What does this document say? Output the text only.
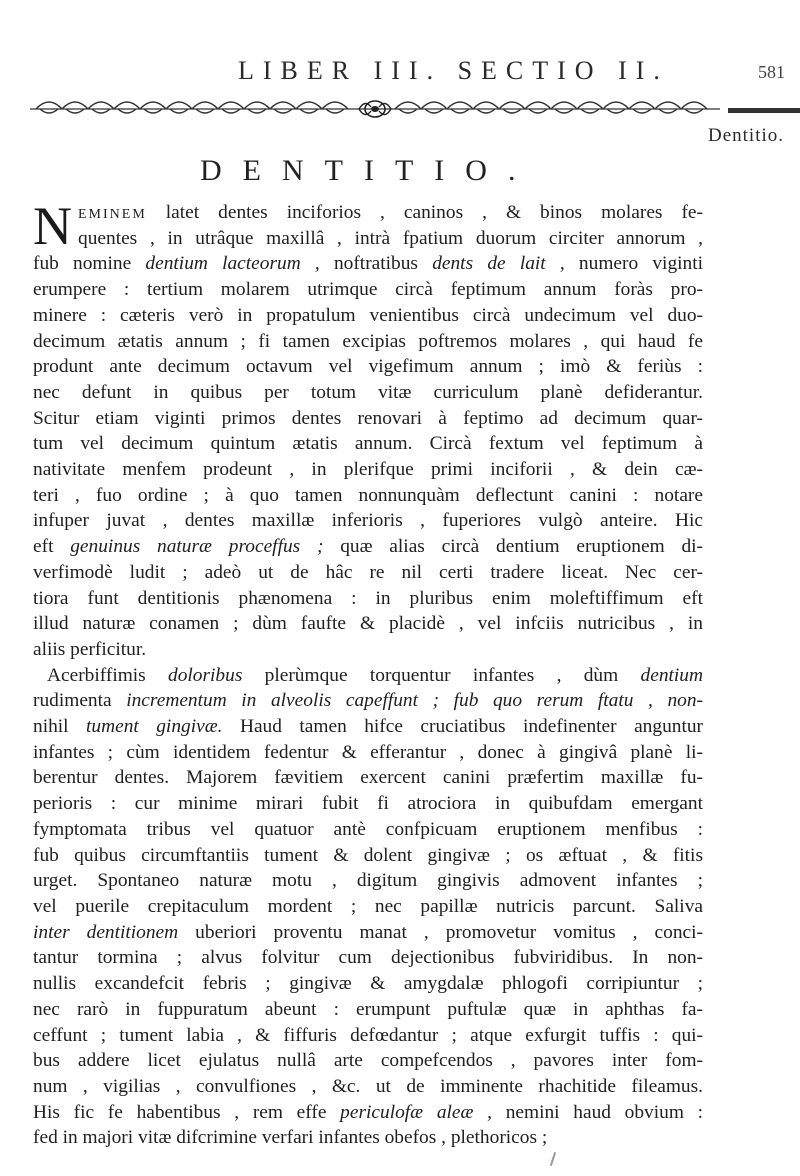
LIBER III. SECTIO II.	581
Dentitio.
DENTITIO.
N eminem latet dentes inciforios , caninos , & binos molares fe-
quentes , in utrâque maxillâ , intrà fpatium duorum circiter annorum ,
fub nomine dentium lacteorum , noftratibus dents de lait , numero viginti
erumpere : tertium molarem utrimque circà feptimum annum foràs pro-
minere : cæteris verò in propatulum venientibus circà undecimum vel duo-
decimum ætatis annum ; fi tamen excipias poftremos molares , qui haud fe
produnt ante decimum octavum vel vigefimum annum ; imò & feriùs :
nec defunt in quibus per totum vitæ curriculum planè defiderantur.
Scitur etiam viginti primos dentes renovari à feptimo ad decimum quar-
tum vel decimum quintum ætatis annum. Circà fextum vel feptimum à
nativitate menfem prodeunt , in plerifque primi inciforii , & dein cæ-
teri , fuo ordine ; à quo tamen nonnunquàm deflectunt canini : notare
infuper juvat , dentes maxillæ inferioris , fuperiores vulgò anteire. Hic
eft genuinus naturæ proceffus ; quæ alias circà dentium eruptionem di-
verfimodè ludit ; adeò ut de hâc re nil certi tradere liceat. Nec cer-
tiora funt dentitionis phænomena : in pluribus enim moleftiffimum eft
illud naturæ conamen ; dùm faufte & placidè , vel infciis nutricibus , in
aliis perficitur.
Acerbiffimis doloribus plerùmque torquentur infantes , dùm dentium
rudimenta incrementum in alveolis capeffunt ; fub quo rerum ftatu , non-
nihil tument gingivæ. Haud tamen hifce cruciatibus indefinenter anguntur
infantes ; cùm identidem fedentur & efferantur , donec à gingivâ planè li-
berentur dentes. Majorem fævitiem exercent canini præfertim maxillæ fu-
perioris : cur minime mirari fubit fi atrociora in quibufdam emergant
fymptomata tribus vel quatuor antè confpicuam eruptionem menfibus :
fub quibus circumftantiis tument & dolent gingivæ ; os æftuat , & fitis
urget. Spontaneo naturæ motu , digitum gingivis admovent infantes ;
vel puerile crepitaculum mordent ; nec papillæ nutricis parcunt. Saliva
inter dentitionem uberiori proventu manat , promovetur vomitus , conci-
tantur tormina ; alvus folvitur cum dejectionibus fubviridibus. In non-
nullis excandefcit febris ; gingivæ & amygdalæ phlogofi corripiuntur ;
nec rarò in fuppuratum abeunt : erumpunt puftulæ quæ in aphthas fa-
ceffunt ; tument labia , & fiffuris defœdantur ; atque exfurgit tuffis : qui-
bus addere licet ejulatus nullâ arte compefcendos , pavores inter fom-
num , vigilias , convulfiones , &c. ut de imminente rhachitide fileamus.
His fic fe habentibus , rem effe periculofæ aleæ , nemini haud obvium :
fed in majori vitæ difcrimine verfari infantes obefos , plethoricos ;
